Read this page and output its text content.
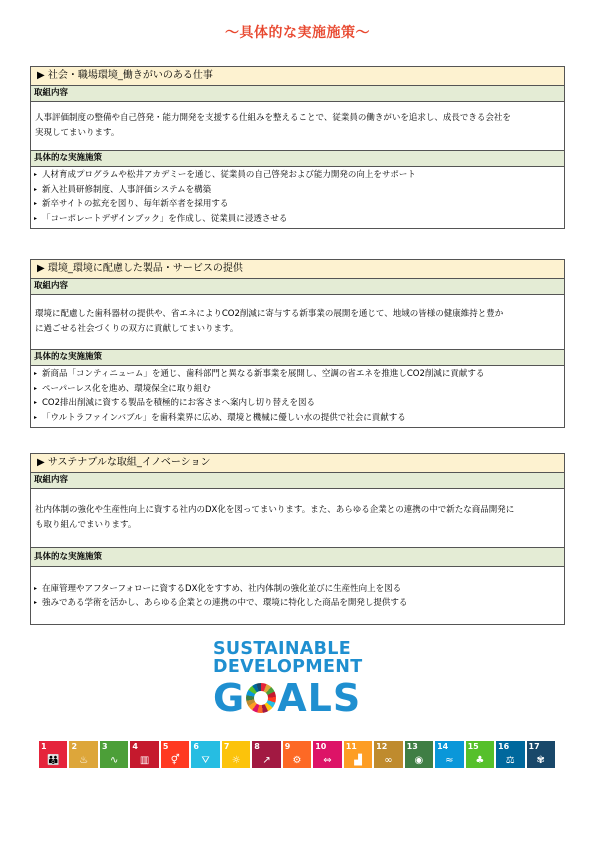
〜具体的な実施施策〜
▶ 社会・職場環境_働きがいのある仕事
取組内容
人事評価制度の整備や自己啓発・能力開発を支援する仕組みを整えることで、従業員の働きがいを追求し、成長できる会社を
実現してまいります。
具体的な実施施策
▸ 人材育成プログラムや松井アカデミーを通じ、従業員の自己啓発および能力開発の向上をサポート
▸ 新入社員研修制度、人事評価システムを構築
▸ 新卒サイトの拡充を図り、毎年新卒者を採用する
▸ 「コーポレートデザインブック」を作成し、従業員に浸透させる
▶ 環境_環境に配慮した製品・サービスの提供
取組内容
環境に配慮した歯科器材の提供や、省エネによりCO2削減に寄与する新事業の展開を通じて、地域の皆様の健康維持と豊か
に過ごせる社会づくりの双方に貢献してまいります。
具体的な実施施策
▸ 新商品「コンティニューム」を通じ、歯科部門と異なる新事業を展開し、空調の省エネを推進しCO2削減に貢献する
▸ ペーパーレス化を進め、環境保全に取り組む
▸ CO2排出削減に資する製品を積極的にお客さまへ案内し切り替えを図る
▸ 「ウルトラファインバブル」を歯科業界に広め、環境と機械に優しい水の提供で社会に貢献する
▶ サステナブルな取組_イノベーション
取組内容
社内体制の強化や生産性向上に資する社内のDX化を図ってまいります。また、あらゆる企業との連携の中で新たな商品開発に
も取り組んでまいります。
具体的な実施施策
▸ 在庫管理やアフターフォローに資するDX化をすすめ、社内体制の強化並びに生産性向上を図る
▸ 強みである学術を活かし、あらゆる企業との連携の中で、環境に特化した商品を開発し提供する
SUSTAINABLE
DEVELOPMENT
G ALS
1
👪
2
♨
3
∿
4
▥
5
⚥
6
⛛
7
☼
8
↗
9
⚙
10
⇔
11
▟
12
∞
13
◉
14
≈
15
♣
16
⚖
17
✾
